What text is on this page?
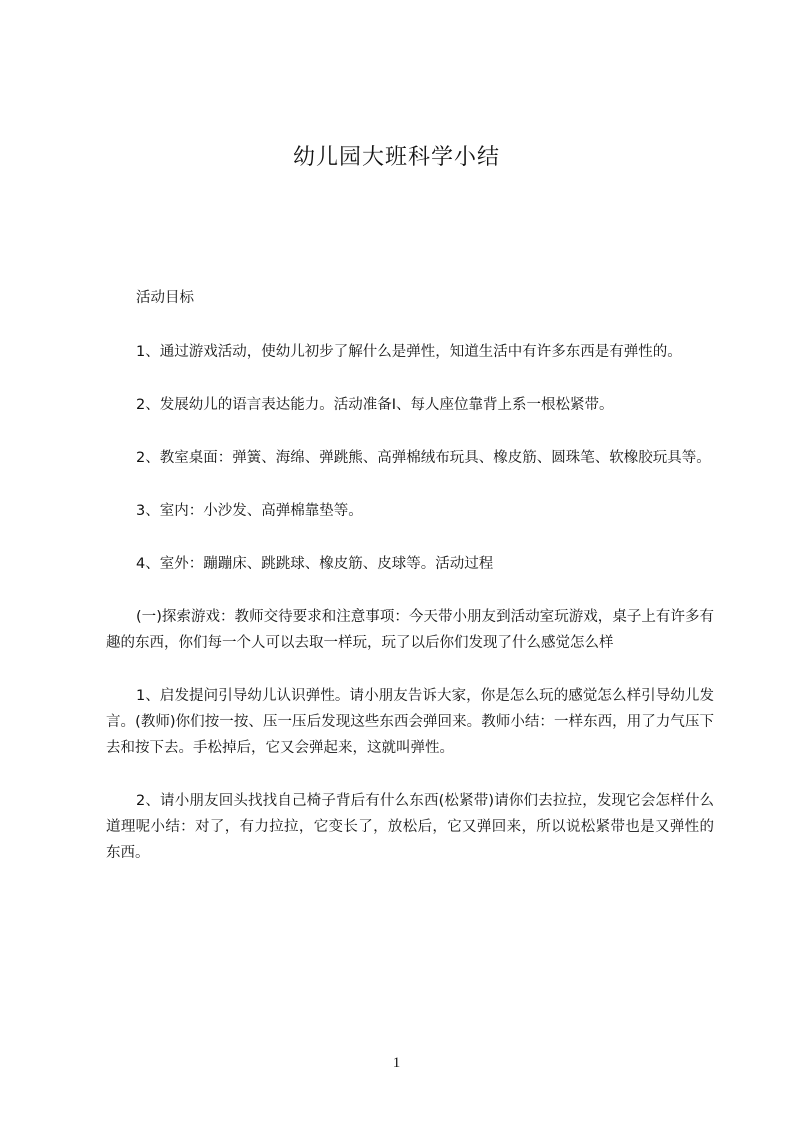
幼儿园大班科学小结

活动目标

1、通过游戏活动，使幼儿初步了解什么是弹性，知道生活中有许多东西是有弹性的。

2、发展幼儿的语言表达能力。活动准备Ⅰ、每人座位靠背上系一根松紧带。

2、教室桌面：弹簧、海绵、弹跳熊、高弹棉绒布玩具、橡皮筋、圆珠笔、软橡胶玩具等。

3、室内：小沙发、高弹棉靠垫等。

4、室外：蹦蹦床、跳跳球、橡皮筋、皮球等。活动过程

(一)探索游戏：教师交待要求和注意事项：今天带小朋友到活动室玩游戏，桌子上有许多有趣的东西，你们每一个人可以去取一样玩，玩了以后你们发现了什么感觉怎么样

1、启发提问引导幼儿认识弹性。请小朋友告诉大家，你是怎么玩的感觉怎么样引导幼儿发言。(教师)你们按一按、压一压后发现这些东西会弹回来。教师小结：一样东西，用了力气压下去和按下去。手松掉后，它又会弹起来，这就叫弹性。

2、请小朋友回头找找自己椅子背后有什么东西(松紧带)请你们去拉拉，发现它会怎样什么道理呢小结：对了，有力拉拉，它变长了，放松后，它又弹回来，所以说松紧带也是又弹性的东西。

1
